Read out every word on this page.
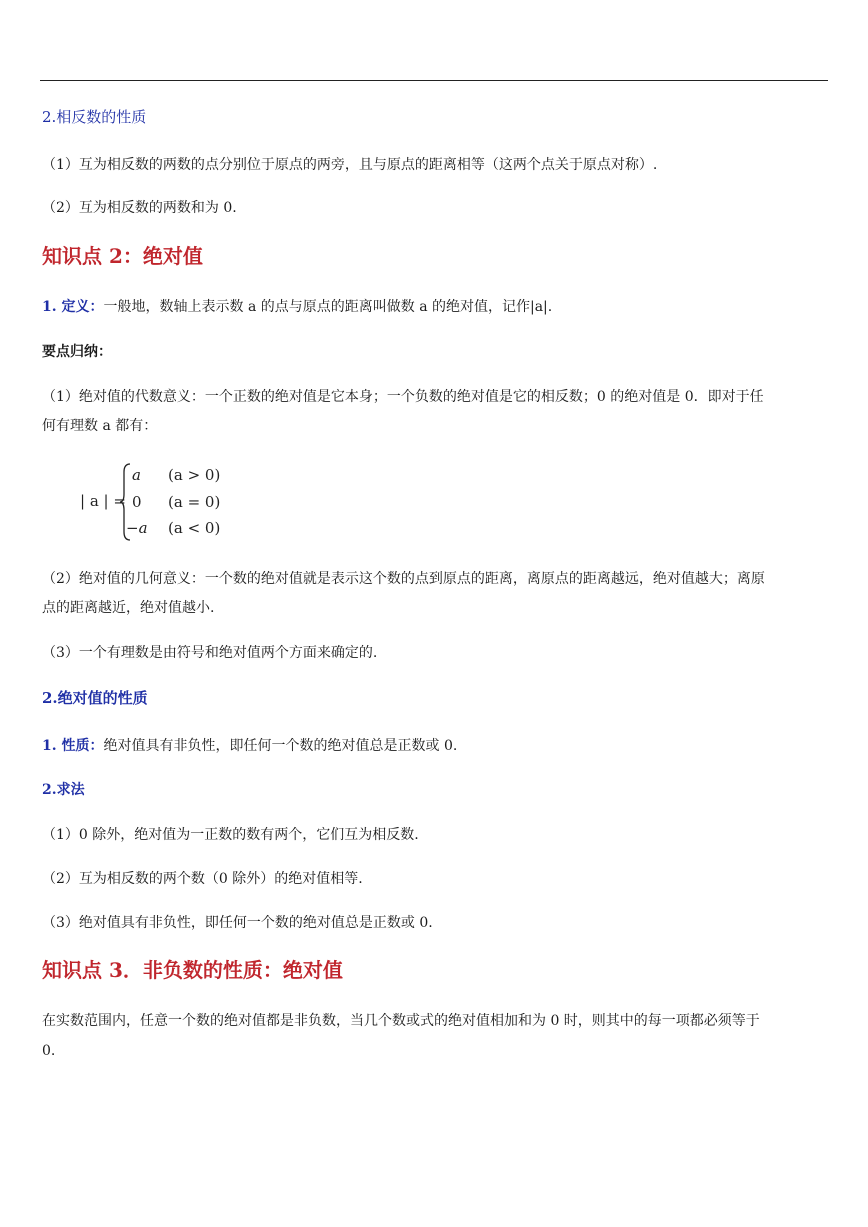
2.相反数的性质
（1）互为相反数的两数的点分别位于原点的两旁，且与原点的距离相等（这两个点关于原点对称）.
（2）互为相反数的两数和为 0.
知识点 2：绝对值
1. 定义：一般地，数轴上表示数 a 的点与原点的距离叫做数 a 的绝对值，记作|a|.
要点归纳：
（1）绝对值的代数意义：一个正数的绝对值是它本身；一个负数的绝对值是它的相反数；0 的绝对值是 0．即对于任
何有理数 a 都有：
| a | =
a (a > 0)
0 (a = 0)
−a (a < 0)
（2）绝对值的几何意义：一个数的绝对值就是表示这个数的点到原点的距离，离原点的距离越远，绝对值越大；离原
点的距离越近，绝对值越小.
（3）一个有理数是由符号和绝对值两个方面来确定的.
2.绝对值的性质
1. 性质：绝对值具有非负性，即任何一个数的绝对值总是正数或 0.
2.求法
（1）0 除外，绝对值为一正数的数有两个，它们互为相反数.
（2）互为相反数的两个数（0 除外）的绝对值相等.
（3）绝对值具有非负性，即任何一个数的绝对值总是正数或 0.
知识点 3．非负数的性质：绝对值
在实数范围内，任意一个数的绝对值都是非负数，当几个数或式的绝对值相加和为 0 时，则其中的每一项都必须等于
0.
